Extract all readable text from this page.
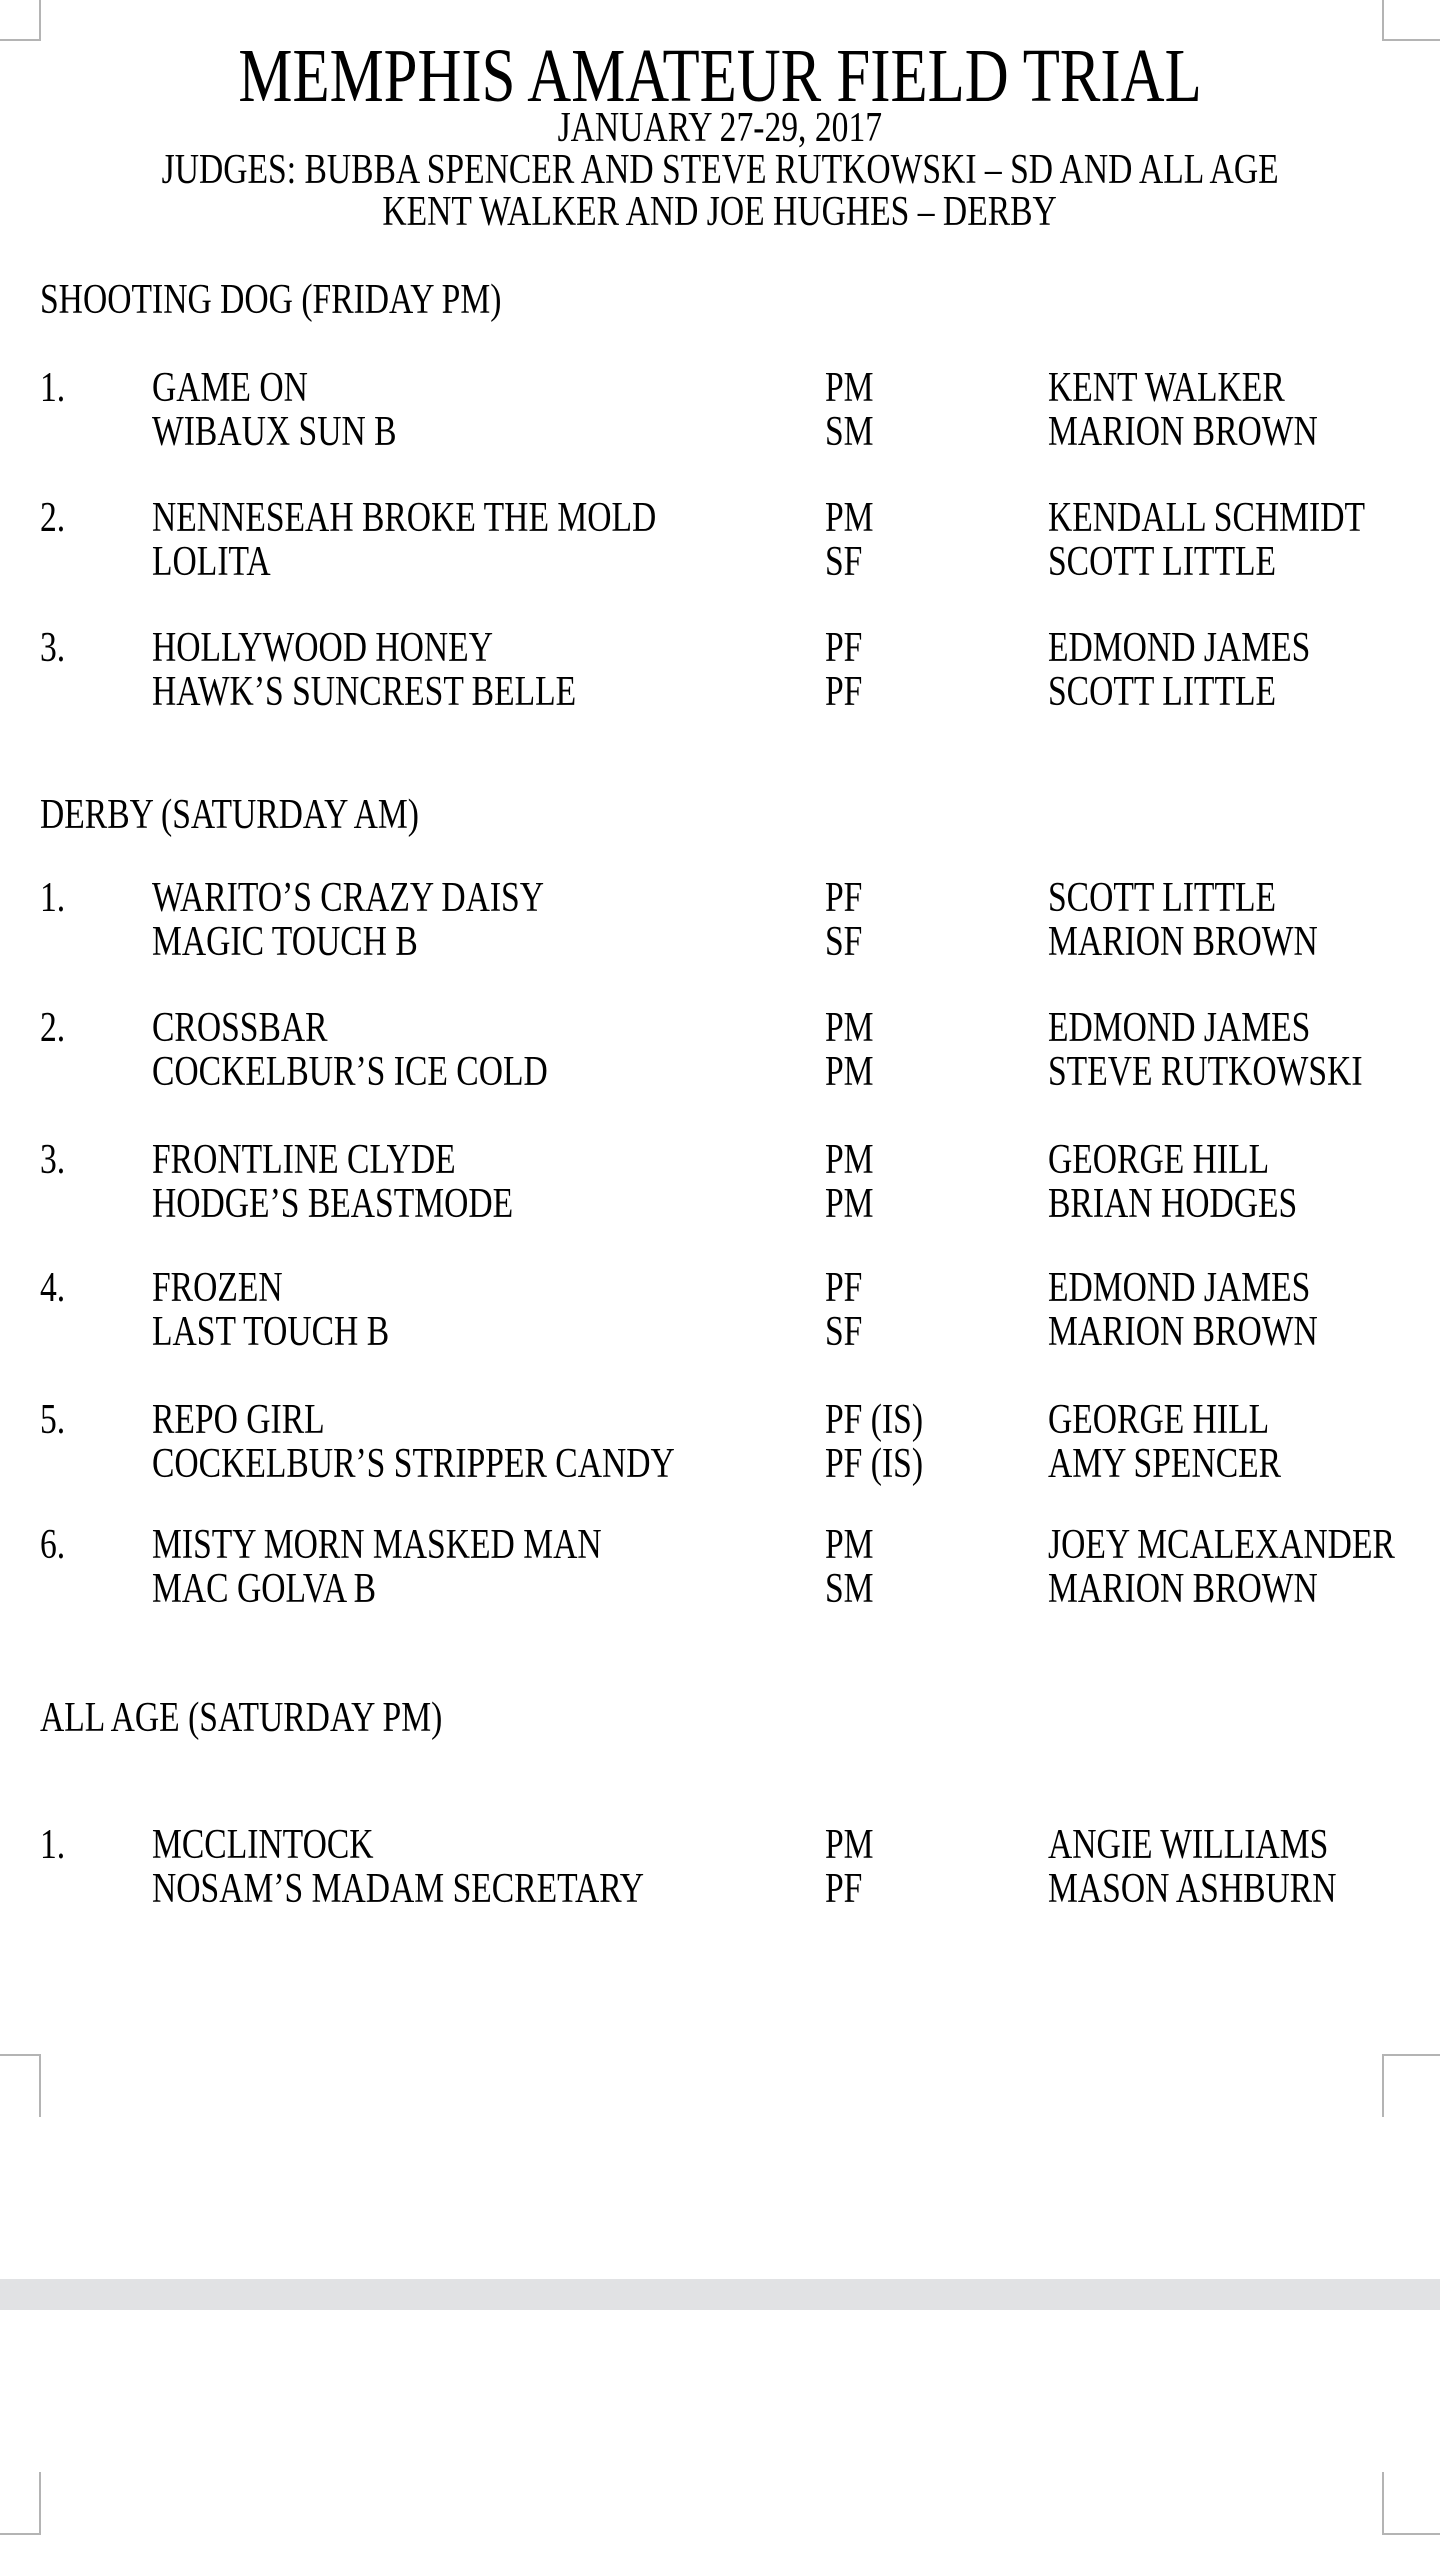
MEMPHIS AMATEUR FIELD TRIAL
JANUARY 27-29, 2017
JUDGES: BUBBA SPENCER AND STEVE RUTKOWSKI – SD AND ALL AGE
KENT WALKER AND JOE HUGHES – DERBY
SHOOTING DOG (FRIDAY PM)
1. GAME ON	PM	KENT WALKER
WIBAUX SUN B	SM	MARION BROWN
2. NENNESEAH BROKE THE MOLD	PM	KENDALL SCHMIDT
LOLITA	SF	SCOTT LITTLE
3. HOLLYWOOD HONEY	PF	EDMOND JAMES
HAWK’S SUNCREST BELLE	PF	SCOTT LITTLE
DERBY (SATURDAY AM)
1. WARITO’S CRAZY DAISY	PF	SCOTT LITTLE
MAGIC TOUCH B	SF	MARION BROWN
2. CROSSBAR	PM	EDMOND JAMES
COCKELBUR’S ICE COLD	PM	STEVE RUTKOWSKI
3. FRONTLINE CLYDE	PM	GEORGE HILL
HODGE’S BEASTMODE	PM	BRIAN HODGES
4. FROZEN	PF	EDMOND JAMES
LAST TOUCH B	SF	MARION BROWN
5. REPO GIRL	PF (IS)	GEORGE HILL
COCKELBUR’S STRIPPER CANDY	PF (IS)	AMY SPENCER
6. MISTY MORN MASKED MAN	PM	JOEY MCALEXANDER
MAC GOLVA B	SM	MARION BROWN
ALL AGE (SATURDAY PM)
1. MCCLINTOCK	PM	ANGIE WILLIAMS
NOSAM’S MADAM SECRETARY	PF	MASON ASHBURN
